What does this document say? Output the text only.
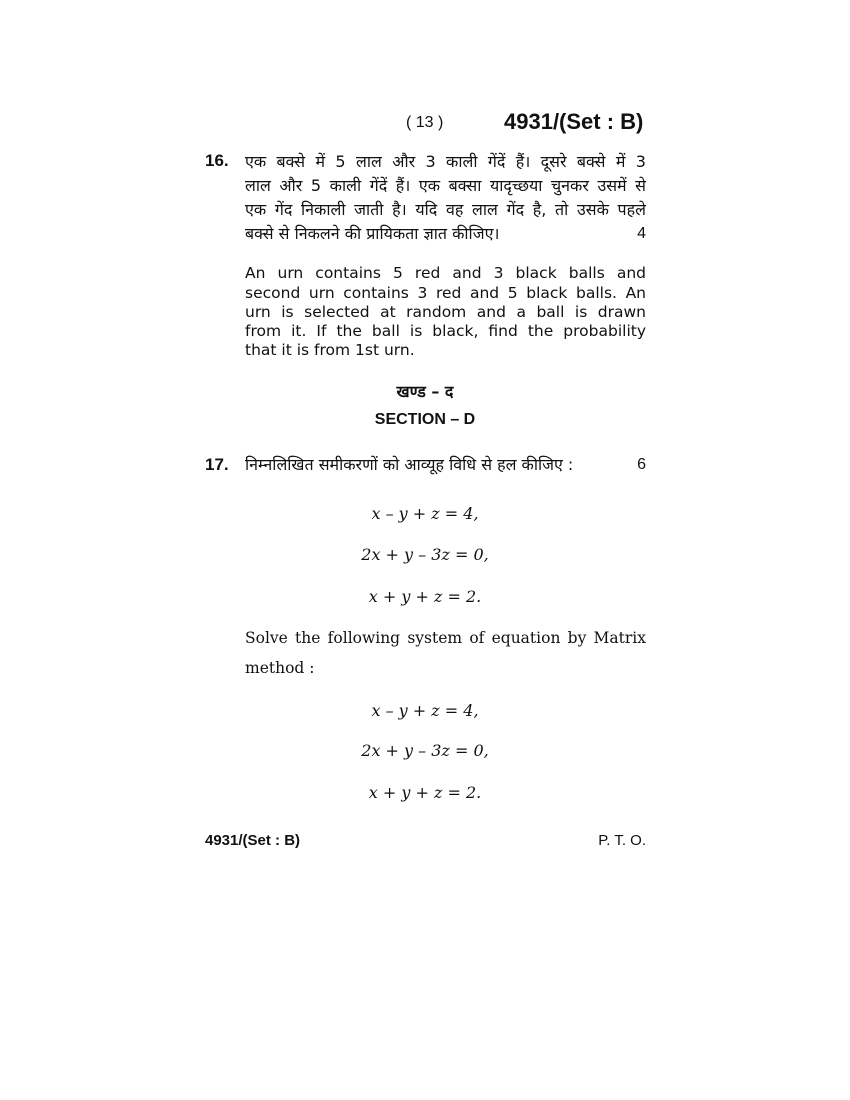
( 13 )	4931/(Set : B)
16. एक बक्से में 5 लाल और 3 काली गेंदें हैं। दूसरे बक्से में 3
लाल और 5 काली गेंदें हैं। एक बक्सा यादृच्छया चुनकर उसमें से
एक गेंद निकाली जाती है। यदि वह लाल गेंद है, तो उसके पहले
बक्से से निकलने की प्रायिकता ज्ञात कीजिए।	4
An urn contains 5 red and 3 black balls and
second urn contains 3 red and 5 black balls. An
urn is selected at random and a ball is drawn
from it. If the ball is black, find the probability
that it is from 1st urn.
खण्ड – द
SECTION – D
17. निम्नलिखित समीकरणों को आव्यूह विधि से हल कीजिए :	6
x – y + z = 4,
2x + y – 3z = 0,
x + y + z = 2.
Solve the following system of equation by Matrix
method :
x – y + z = 4,
2x + y – 3z = 0,
x + y + z = 2.
4931/(Set : B)	P. T. O.
